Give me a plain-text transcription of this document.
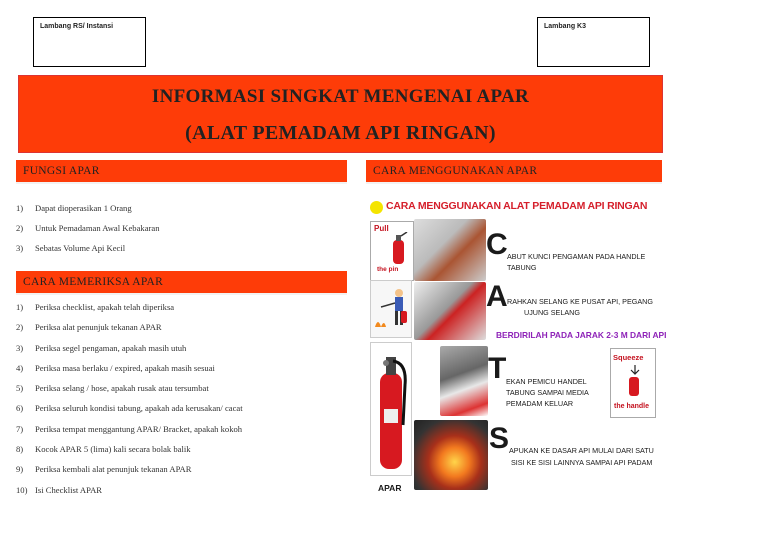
Lambang RS/ Instansi	Lambang K3
INFORMASI SINGKAT MENGENAI APAR
(ALAT PEMADAM API RINGAN)
FUNGSI APAR
1) Dapat dioperasikan 1 Orang
2) Untuk Pemadaman Awal Kebakaran
3) Sebatas Volume Api Kecil
CARA MEMERIKSA APAR
1) Periksa checklist, apakah telah diperiksa
2) Periksa alat penunjuk tekanan APAR
3) Periksa segel pengaman, apakah masih utuh
4) Periksa masa berlaku / expired, apakah masih sesuai
5) Periksa selang / hose, apakah rusak atau tersumbat
6) Periksa seluruh kondisi tabung, apakah ada kerusakan/ cacat
7) Periksa tempat menggantung APAR/ Bracket, apakah kokoh
8) Kocok APAR 5 (lima) kali secara bolak balik
9) Periksa kembali alat penunjuk tekanan APAR
10) Isi Checklist APAR
CARA MENGGUNAKAN APAR
CARA MENGGUNAKAN ALAT PEMADAM API RINGAN
Pull
the pin
APAR
Squeeze
the handle
C ABUT KUNCI PENGAMAN PADA HANDLE
TABUNG
A RAHKAN SELANG KE PUSAT API, PEGANG
UJUNG SELANG
BERDIRILAH PADA JARAK 2-3 M DARI API
T EKAN PEMICU HANDEL
TABUNG SAMPAI MEDIA
PEMADAM KELUAR
S APUKAN KE DASAR API MULAI DARI SATU
SISI KE SISI LAINNYA SAMPAI API PADAM
